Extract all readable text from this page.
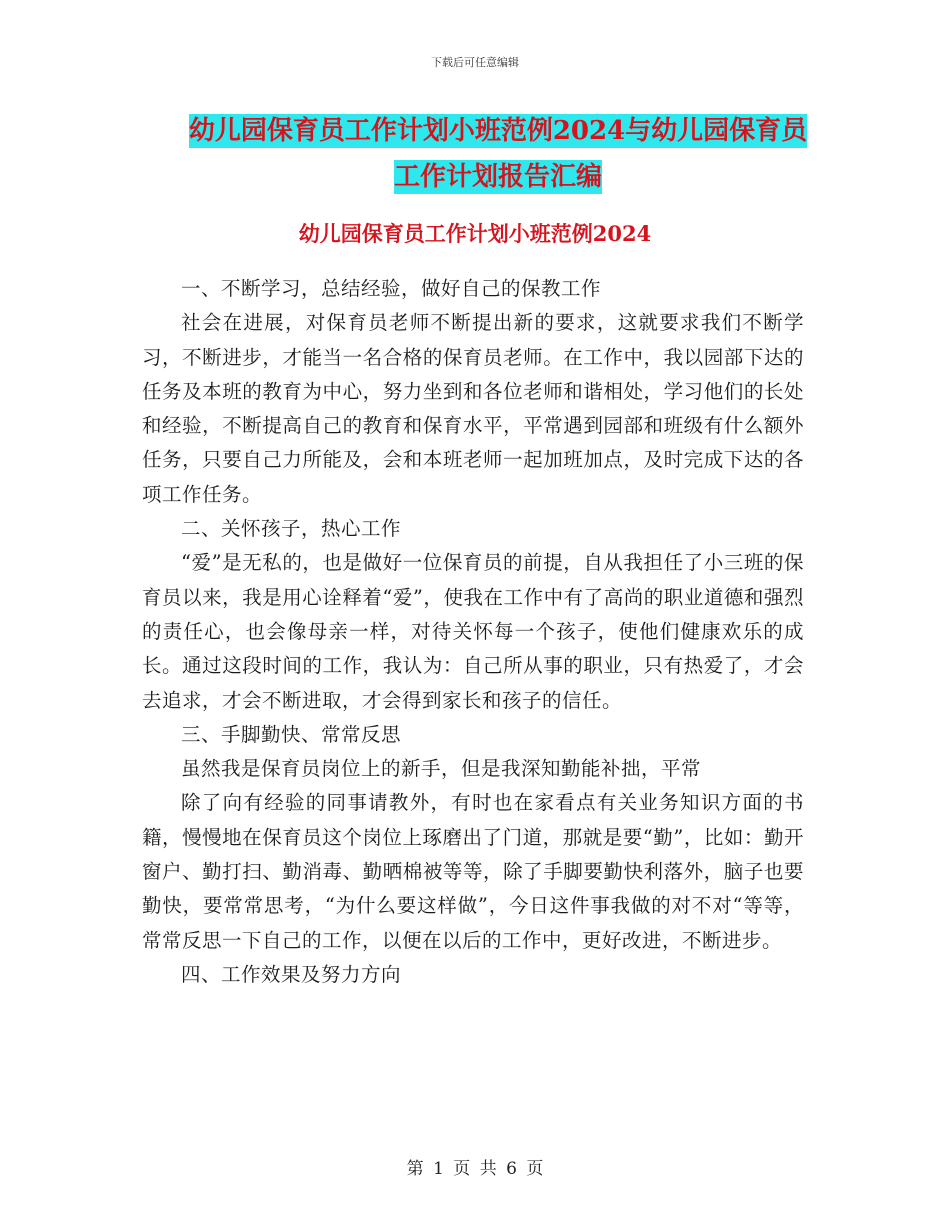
下载后可任意编辑
幼儿园保育员工作计划小班范例2024与幼儿园保育员
工作计划报告汇编
幼儿园保育员工作计划小班范例2024

一、不断学习，总结经验，做好自己的保教工作

社会在进展，对保育员老师不断提出新的要求，这就要求我们不断学习，不断进步，才能当一名合格的保育员老师。在工作中，我以园部下达的任务及本班的教育为中心，努力坐到和各位老师和谐相处，学习他们的长处和经验，不断提高自己的教育和保育水平，平常遇到园部和班级有什么额外任务，只要自己力所能及，会和本班老师一起加班加点，及时完成下达的各项工作任务。

二、关怀孩子，热心工作

“爱”是无私的，也是做好一位保育员的前提，自从我担任了小三班的保育员以来，我是用心诠释着“爱”，使我在工作中有了高尚的职业道德和强烈的责任心，也会像母亲一样，对待关怀每一个孩子，使他们健康欢乐的成长。通过这段时间的工作，我认为：自己所从事的职业，只有热爱了，才会去追求，才会不断进取，才会得到家长和孩子的信任。

三、手脚勤快、常常反思

虽然我是保育员岗位上的新手，但是我深知勤能补拙，平常

除了向有经验的同事请教外，有时也在家看点有关业务知识方面的书籍，慢慢地在保育员这个岗位上琢磨出了门道，那就是要“勤”，比如：勤开窗户、勤打扫、勤消毒、勤晒棉被等等，除了手脚要勤快利落外，脑子也要勤快，要常常思考，“为什么要这样做”，今日这件事我做的对不对“等等，常常反思一下自己的工作，以便在以后的工作中，更好改进，不断进步。

四、工作效果及努力方向

第 1 页 共 6 页
